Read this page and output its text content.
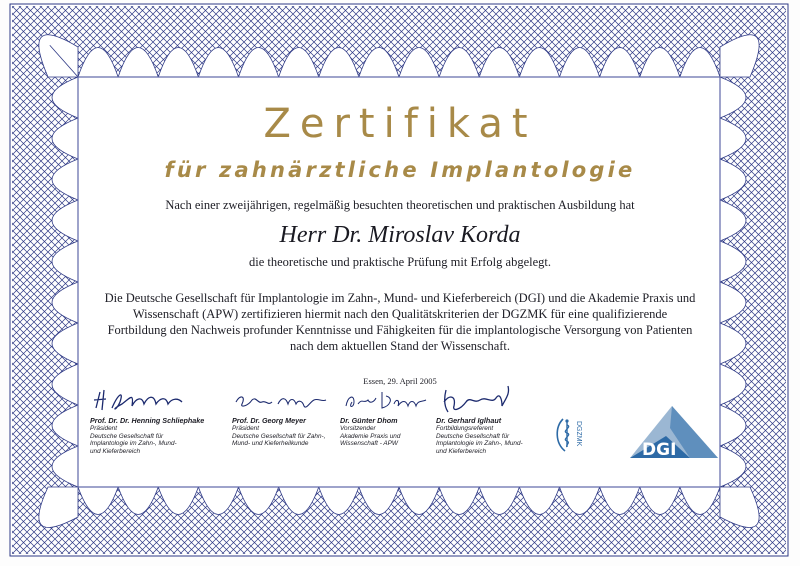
Zertifikat
für zahnärztliche Implantologie
Nach einer zweijährigen, regelmäßig besuchten theoretischen und praktischen Ausbildung hat
Herr Dr. Miroslav Korda
die theoretische und praktische Prüfung mit Erfolg abgelegt.
Die Deutsche Gesellschaft für Implantologie im Zahn-, Mund- und Kieferbereich (DGI) und die Akademie Praxis und Wissenschaft (APW) zertifizieren hiermit nach den Qualitätskriterien der DGZMK für eine qualifizierende Fortbildung den Nachweis profunder Kenntnisse und Fähigkeiten für die implantologische Versorgung von Patienten nach dem aktuellen Stand der Wissenschaft.
Essen, 29. April 2005
Prof. Dr. Dr. Henning Schliephake
Präsident
Deutsche Gesellschaft für
Implantologie im Zahn-, Mund-
und Kieferbereich
Prof. Dr. Georg Meyer
Präsident
Deutsche Gesellschaft für Zahn-,
Mund- und Kieferheilkunde
Dr. Günter Dhom
Vorsitzender
Akademie Praxis und
Wissenschaft - APW
Dr. Gerhard Iglhaut
Fortbildungsreferent
Deutsche Gesellschaft für
Implantologie im Zahn-, Mund-
und Kieferbereich
DGZMK
DGI
